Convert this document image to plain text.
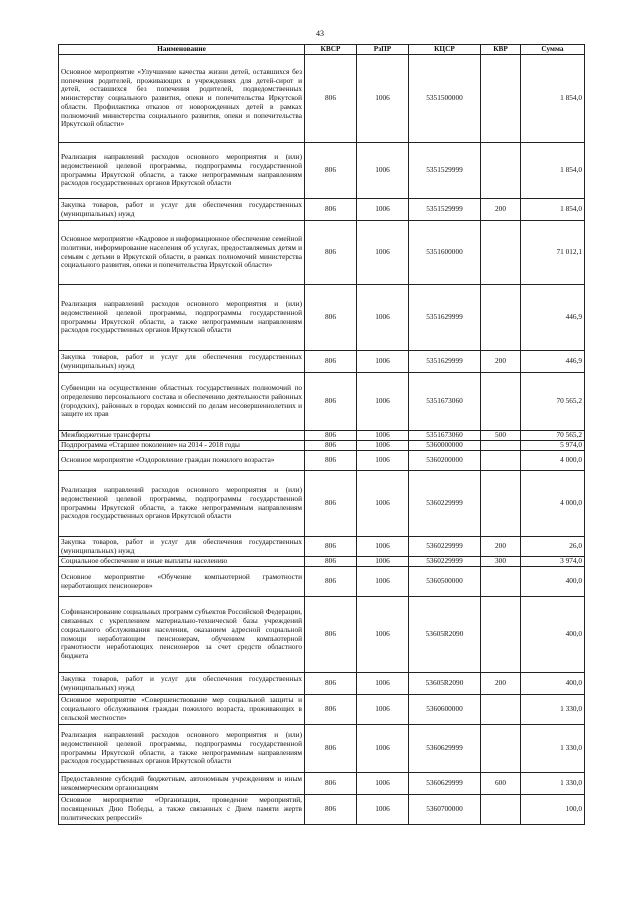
43
Наименование	КВСР	РзПР	КЦСР	КВР	Сумма
Основное мероприятие «Улучшение качества жизни детей, оставшихся без попечения родителей, проживающих в учреждениях для детей-сирот и детей, оставшихся без попечения родителей, подведомственных министерству социального развития, опеки и попечительства Иркутской области. Профилактика отказов от новорожденных детей в рамках полномочий министерства социального развития, опеки и попечительства Иркутской области»	806	1006	5351500000		1 854,0
Реализация направлений расходов основного мероприятия и (или) ведомственной целевой программы, подпрограммы государственной программы Иркутской области, а также непрограммным направлениям расходов государственных органов Иркутской области	806	1006	5351529999		1 854,0
Закупка товаров, работ и услуг для обеспечения государственных (муниципальных) нужд	806	1006	5351529999	200	1 854,0
Основное мероприятие «Кадровое и информационное обеспечение семейной политики, информирование населения об услугах, предоставляемых детям и семьям с детьми в Иркутской области, в рамках полномочий министерства социального развития, опеки и попечительства Иркутской области»	806	1006	5351600000		71 012,1
Реализация направлений расходов основного мероприятия и (или) ведомственной целевой программы, подпрограммы государственной программы Иркутской области, а также непрограммным направлениям расходов государственных органов Иркутской области	806	1006	5351629999		446,9
Закупка товаров, работ и услуг для обеспечения государственных (муниципальных) нужд	806	1006	5351629999	200	446,9
Субвенции на осуществление областных государственных полномочий по определению персонального состава и обеспечению деятельности районных (городских), районных в городах комиссий по делам несовершеннолетних и защите их прав	806	1006	5351673060		70 565,2
Межбюджетные трансферты	806	1006	5351673060	500	70 565,2
Подпрограмма «Старшее поколение» на 2014 - 2018 годы	806	1006	5360000000		5 974,0
Основное мероприятие «Оздоровление граждан пожилого возраста»	806	1006	5360200000		4 000,0
Реализация направлений расходов основного мероприятия и (или) ведомственной целевой программы, подпрограммы государственной программы Иркутской области, а также непрограммным направлениям расходов государственных органов Иркутской области	806	1006	5360229999		4 000,0
Закупка товаров, работ и услуг для обеспечения государственных (муниципальных) нужд	806	1006	5360229999	200	26,0
Социальное обеспечение и иные выплаты населению	806	1006	5360229999	300	3 974,0
Основное мероприятие «Обучение компьютерной грамотности неработающих пенсионеров»	806	1006	5360500000		400,0
Софинансирование социальных программ субъектов Российской Федерации, связанных с укреплением материально-технической базы учреждений социального обслуживания населения, оказанием адресной социальной помощи неработающим пенсионерам, обучением компьютерной грамотности неработающих пенсионеров за счет средств областного бюджета	806	1006	53605R2090		400,0
Закупка товаров, работ и услуг для обеспечения государственных (муниципальных) нужд	806	1006	53605R2090	200	400,0
Основное мероприятие «Совершенствование мер социальной защиты и социального обслуживания граждан пожилого возраста, проживающих в сельской местности»	806	1006	5360600000		1 330,0
Реализация направлений расходов основного мероприятия и (или) ведомственной целевой программы, подпрограммы государственной программы Иркутской области, а также непрограммным направлениям расходов государственных органов Иркутской области	806	1006	5360629999		1 330,0
Предоставление субсидий бюджетным, автономным учреждениям и иным некоммерческим организациям	806	1006	5360629999	600	1 330,0
Основное мероприятие «Организация, проведение мероприятий, посвященных Дню Победы, а также связанных с Днем памяти жертв политических репрессий»	806	1006	5360700000		100,0
